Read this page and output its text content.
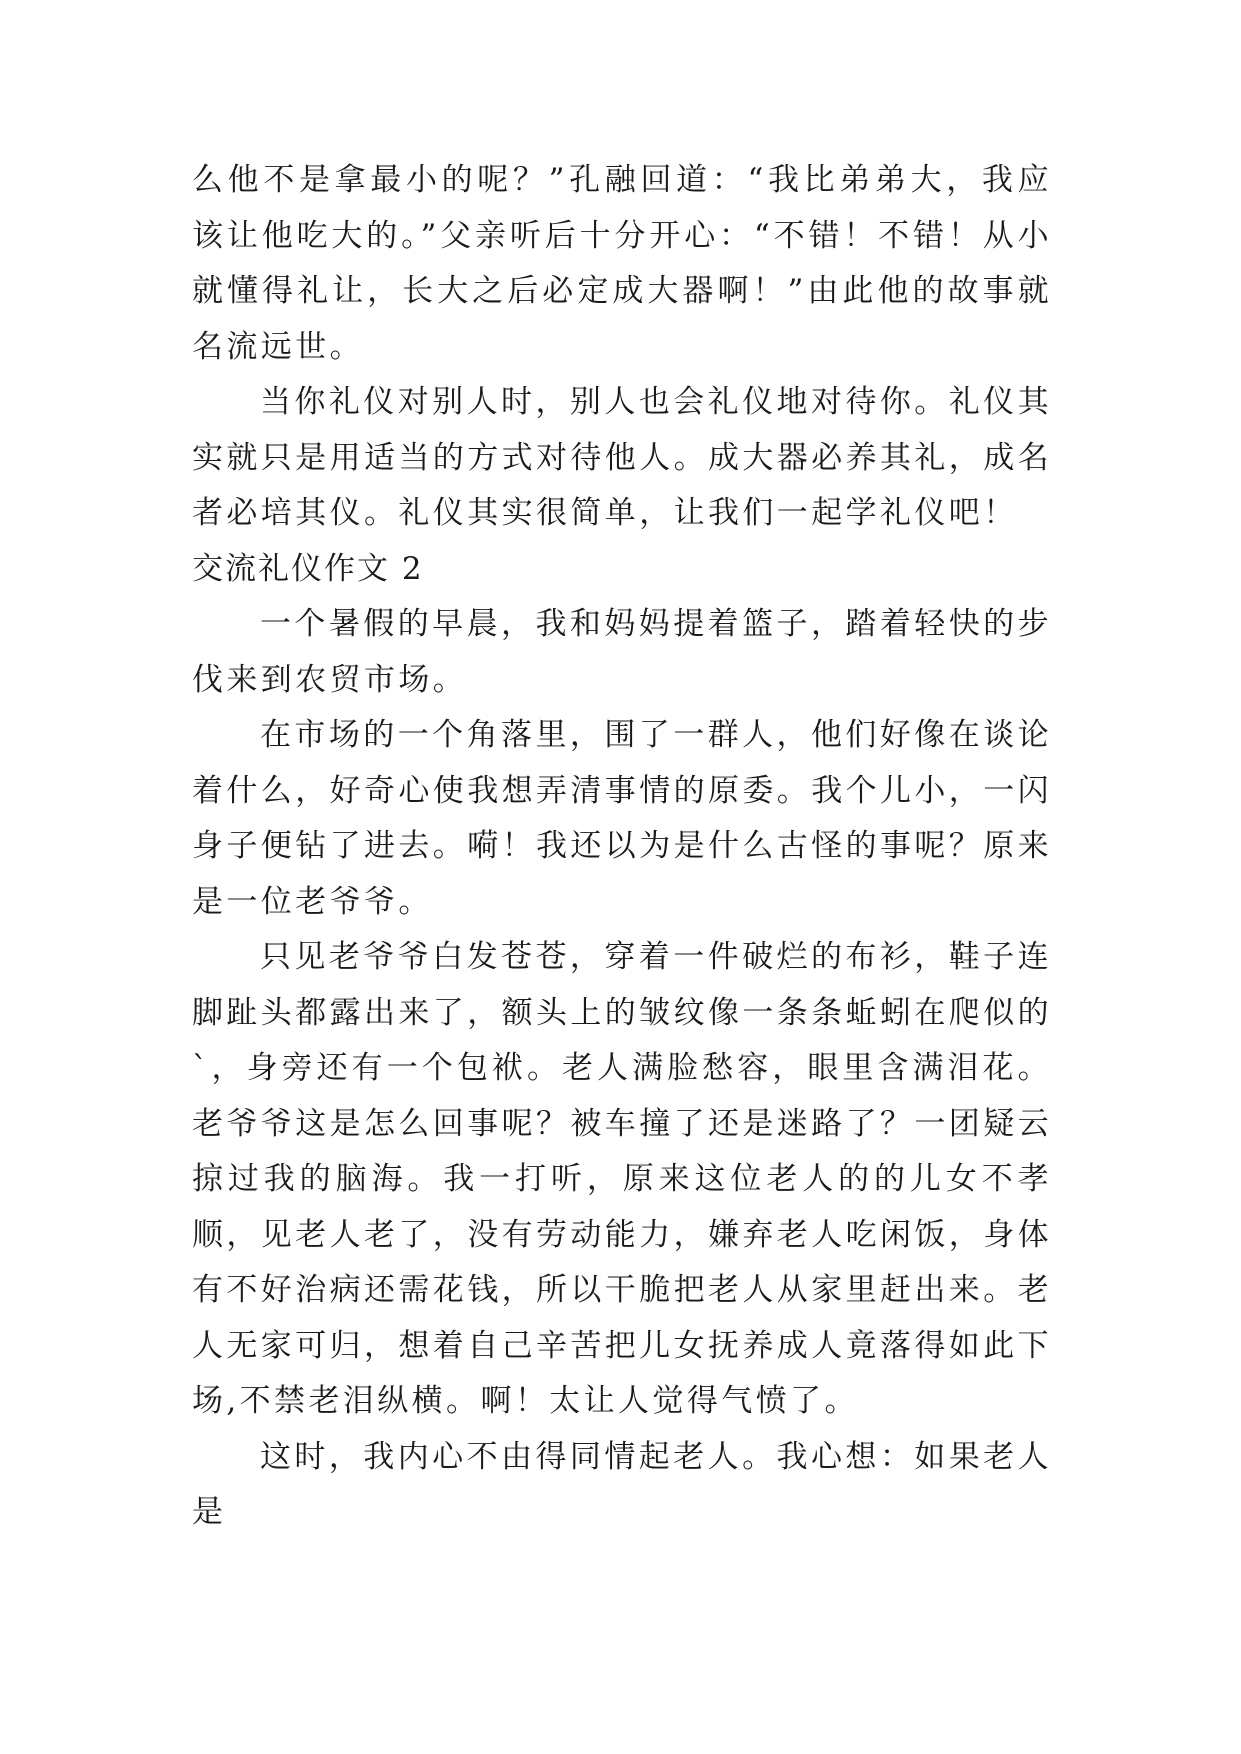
么他不是拿最小的呢？”孔融回道：“我比弟弟大，我应该让他吃大的。”父亲听后十分开心：“不错！不错！从小就懂得礼让，长大之后必定成大器啊！”由此他的故事就名流远世。

当你礼仪对别人时，别人也会礼仪地对待你。礼仪其实就只是用适当的方式对待他人。成大器必养其礼，成名者必培其仪。礼仪其实很简单，让我们一起学礼仪吧！

交流礼仪作文 2

一个暑假的早晨，我和妈妈提着篮子，踏着轻快的步伐来到农贸市场。

在市场的一个角落里，围了一群人，他们好像在谈论着什么，好奇心使我想弄清事情的原委。我个儿小，一闪身子便钻了进去。嗬！我还以为是什么古怪的事呢？原来是一位老爷爷。

只见老爷爷白发苍苍，穿着一件破烂的布衫，鞋子连脚趾头都露出来了，额头上的皱纹像一条条蚯蚓在爬似的`，身旁还有一个包袱。老人满脸愁容，眼里含满泪花。老爷爷这是怎么回事呢？被车撞了还是迷路了？一团疑云掠过我的脑海。我一打听，原来这位老人的的儿女不孝顺，见老人老了，没有劳动能力，嫌弃老人吃闲饭，身体有不好治病还需花钱，所以干脆把老人从家里赶出来。老人无家可归，想着自己辛苦把儿女抚养成人竟落得如此下场,不禁老泪纵横。啊！太让人觉得气愤了。

这时，我内心不由得同情起老人。我心想：如果老人是
